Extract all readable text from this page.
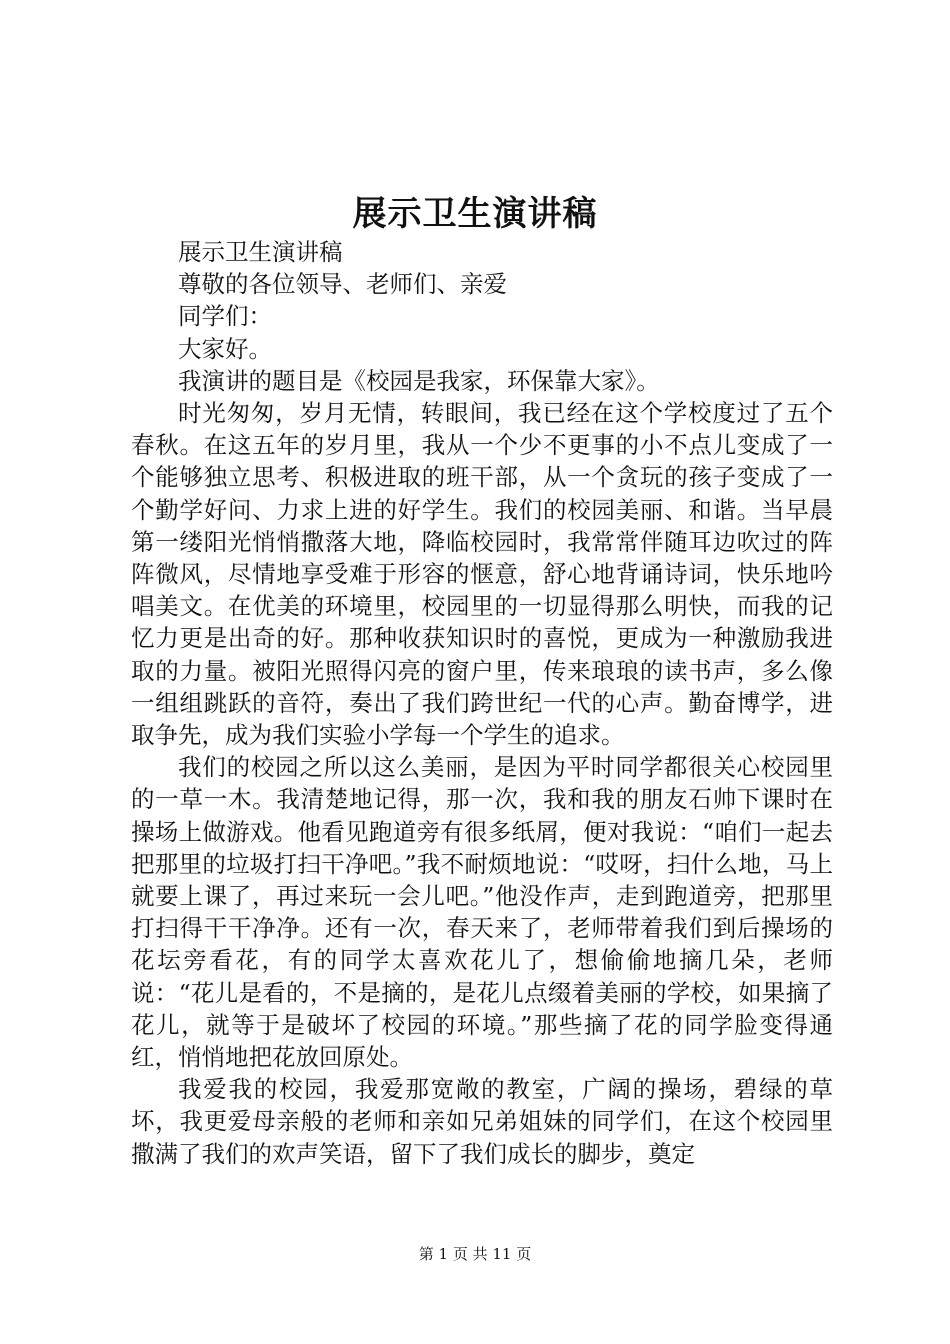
展示卫生演讲稿

展示卫生演讲稿

尊敬的各位领导、老师们、亲爱

同学们：

大家好。

我演讲的题目是《校园是我家，环保靠大家》。

时光匆匆，岁月无情，转眼间，我已经在这个学校度过了五个春秋。在这五年的岁月里，我从一个少不更事的小不点儿变成了一个能够独立思考、积极进取的班干部，从一个贪玩的孩子变成了一个勤学好问、力求上进的好学生。我们的校园美丽、和谐。当早晨第一缕阳光悄悄撒落大地，降临校园时，我常常伴随耳边吹过的阵阵微风，尽情地享受难于形容的惬意，舒心地背诵诗词，快乐地吟唱美文。在优美的环境里，校园里的一切显得那么明快，而我的记忆力更是出奇的好。那种收获知识时的喜悦，更成为一种激励我进取的力量。被阳光照得闪亮的窗户里，传来琅琅的读书声，多么像一组组跳跃的音符，奏出了我们跨世纪一代的心声。勤奋博学，进取争先，成为我们实验小学每一个学生的追求。

我们的校园之所以这么美丽，是因为平时同学都很关心校园里的一草一木。我清楚地记得，那一次，我和我的朋友石帅下课时在操场上做游戏。他看见跑道旁有很多纸屑，便对我说：“咱们一起去把那里的垃圾打扫干净吧。”我不耐烦地说：“哎呀，扫什么地，马上就要上课了，再过来玩一会儿吧。”他没作声，走到跑道旁，把那里打扫得干干净净。还有一次，春天来了，老师带着我们到后操场的花坛旁看花，有的同学太喜欢花儿了，想偷偷地摘几朵，老师说：“花儿是看的，不是摘的，是花儿点缀着美丽的学校，如果摘了花儿，就等于是破坏了校园的环境。”那些摘了花的同学脸变得通红，悄悄地把花放回原处。

我爱我的校园，我爱那宽敞的教室，广阔的操场，碧绿的草坏，我更爱母亲般的老师和亲如兄弟姐妹的同学们，在这个校园里撒满了我们的欢声笑语，留下了我们成长的脚步，奠定

第 1 页 共 11 页
